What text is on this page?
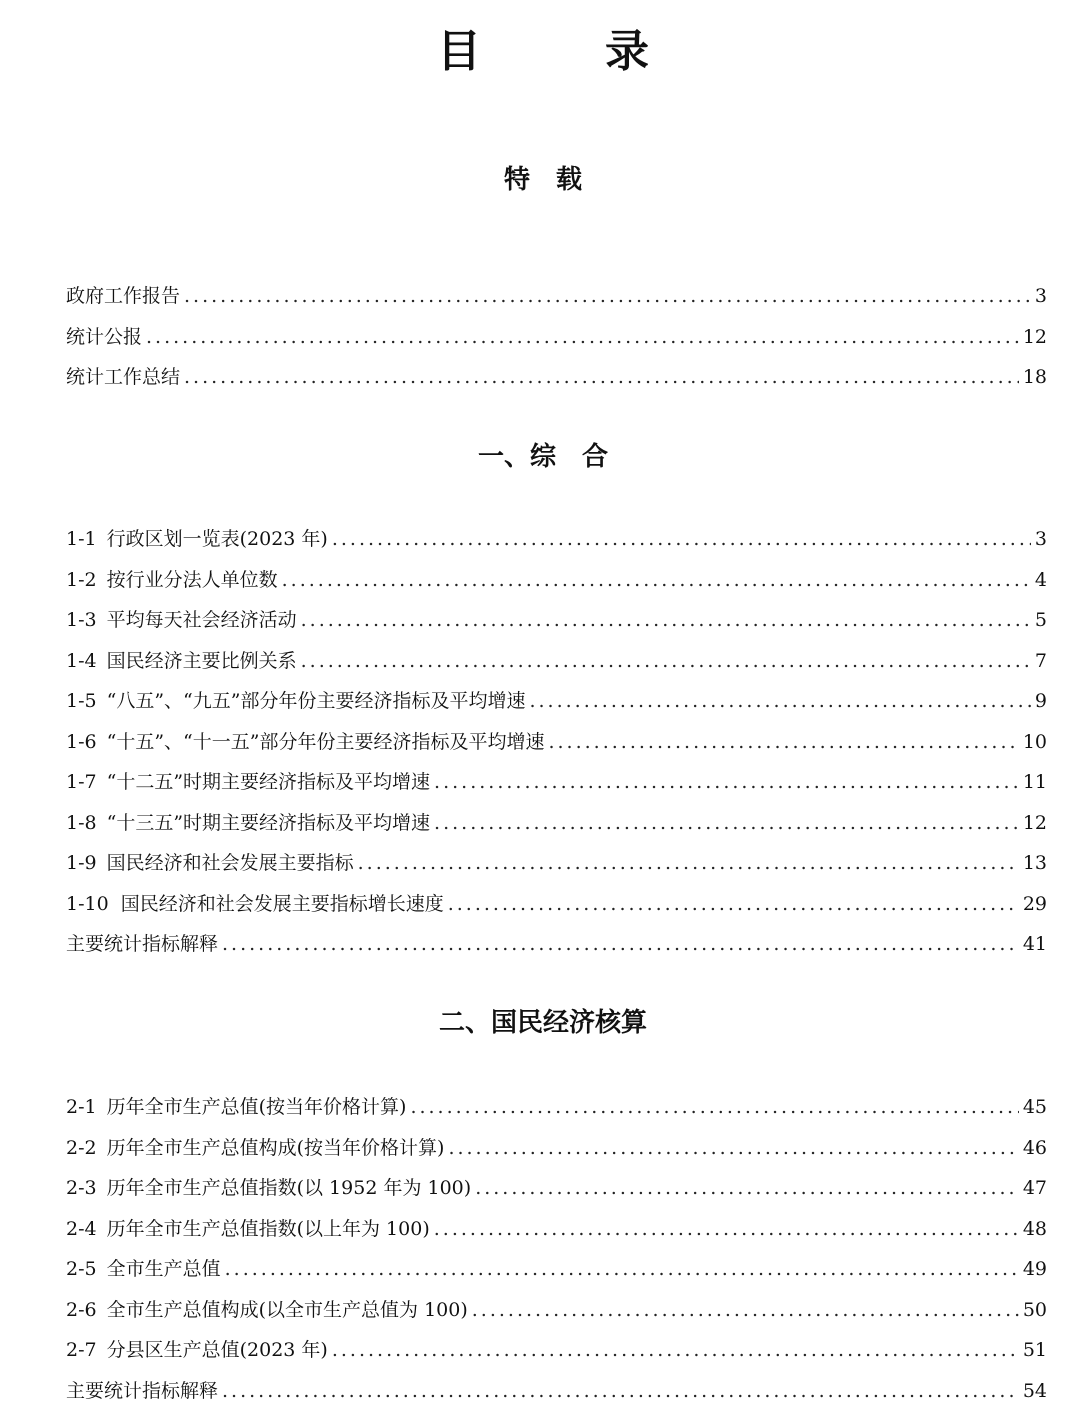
目　录
特　载
政府工作报告 .....	3
统计公报 .....	12
统计工作总结 .....	18
一、综　合
1-1 行政区划一览表(2023 年) .....	3
1-2 按行业分法人单位数 .....	4
1-3 平均每天社会经济活动 .....	5
1-4 国民经济主要比例关系 .....	7
1-5 “八五”、“九五”部分年份主要经济指标及平均增速 .....	9
1-6 “十五”、“十一五”部分年份主要经济指标及平均增速 .....	10
1-7 “十二五”时期主要经济指标及平均增速 .....	11
1-8 “十三五”时期主要经济指标及平均增速 .....	12
1-9 国民经济和社会发展主要指标 .....	13
1-10 国民经济和社会发展主要指标增长速度 .....	29
主要统计指标解释 .....	41
二、国民经济核算
2-1 历年全市生产总值(按当年价格计算) .....	45
2-2 历年全市生产总值构成(按当年价格计算) .....	46
2-3 历年全市生产总值指数(以 1952 年为 100) .....	47
2-4 历年全市生产总值指数(以上年为 100) .....	48
2-5 全市生产总值 .....	49
2-6 全市生产总值构成(以全市生产总值为 100) .....	50
2-7 分县区生产总值(2023 年) .....	51
主要统计指标解释 .....	54
